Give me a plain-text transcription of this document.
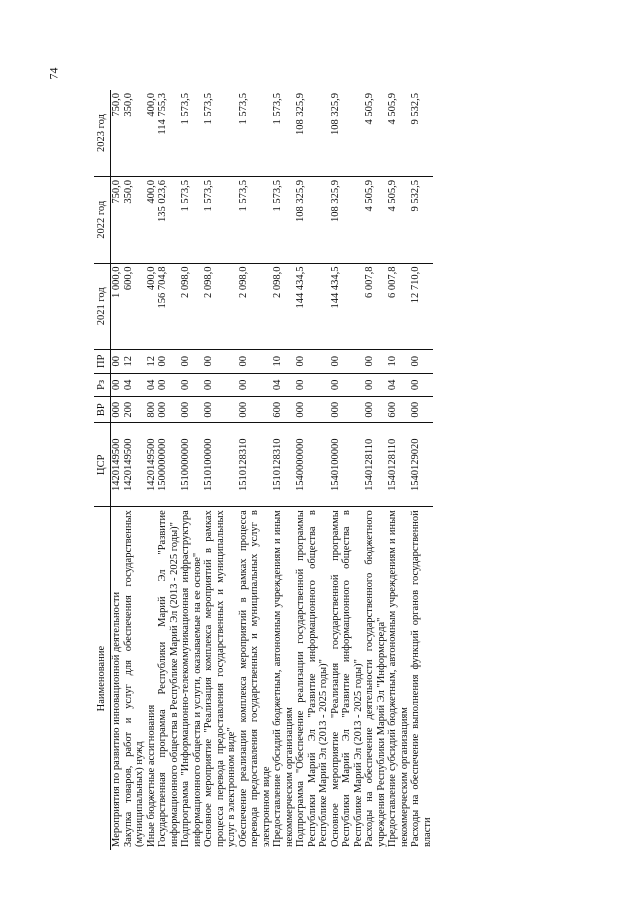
74
Наименование	ЦСР	ВР	Рз	ПР	2021 год	2022 год	2023 год
Мероприятия по развитию инновационной деятельности	1420149500	000	00	00	1 000,0	750,0	750,0
Закупка товаров, работ и услуг для обеспечения государственных (муниципальных) нужд	1420149500	200	04	12	600,0	350,0	350,0
Иные бюджетные ассигнования	1420149500	800	04	12	400,0	400,0	400,0
Государственная программа Республики Марий Эл "Развитие информационного общества в Республике Марий Эл (2013 - 2025 годы)"	1500000000	000	00	00	156 704,8	135 023,6	114 755,3
Подпрограмма "Информационно-телекоммуникационная инфраструктура информационного общества и услуги, оказываемые на ее основе"	1510000000	000	00	00	2 098,0	1 573,5	1 573,5
Основное мероприятие "Реализация комплекса мероприятий в рамках процесса перевода предоставления государственных и муниципальных услуг в электронном виде"	1510100000	000	00	00	2 098,0	1 573,5	1 573,5
Обеспечение реализации комплекса мероприятий в рамках процесса перевода предоставления государственных и муниципальных услуг в электронном виде	1510128310	000	00	00	2 098,0	1 573,5	1 573,5
Предоставление субсидий бюджетным, автономным учреждениям и иным некоммерческим организациям	1510128310	600	04	10	2 098,0	1 573,5	1 573,5
Подпрограмма "Обеспечение реализации государственной программы Республики Марий Эл "Развитие информационного общества в Республике Марий Эл (2013 - 2025 годы)"	1540000000	000	00	00	144 434,5	108 325,9	108 325,9
Основное мероприятие "Реализация государственной программы Республики Марий Эл "Развитие информационного общества в Республике Марий Эл (2013 - 2025 годы)"	1540100000	000	00	00	144 434,5	108 325,9	108 325,9
Расходы на обеспечение деятельности государственного бюджетного учреждения Республики Марий Эл "Информсреда"	1540128110	000	00	00	6 007,8	4 505,9	4 505,9
Предоставление субсидий бюджетным, автономным учреждениям и иным некоммерческим организациям	1540128110	600	04	10	6 007,8	4 505,9	4 505,9
Расходы на обеспечение выполнения функций органов государственной власти	1540129020	000	00	00	12 710,0	9 532,5	9 532,5
